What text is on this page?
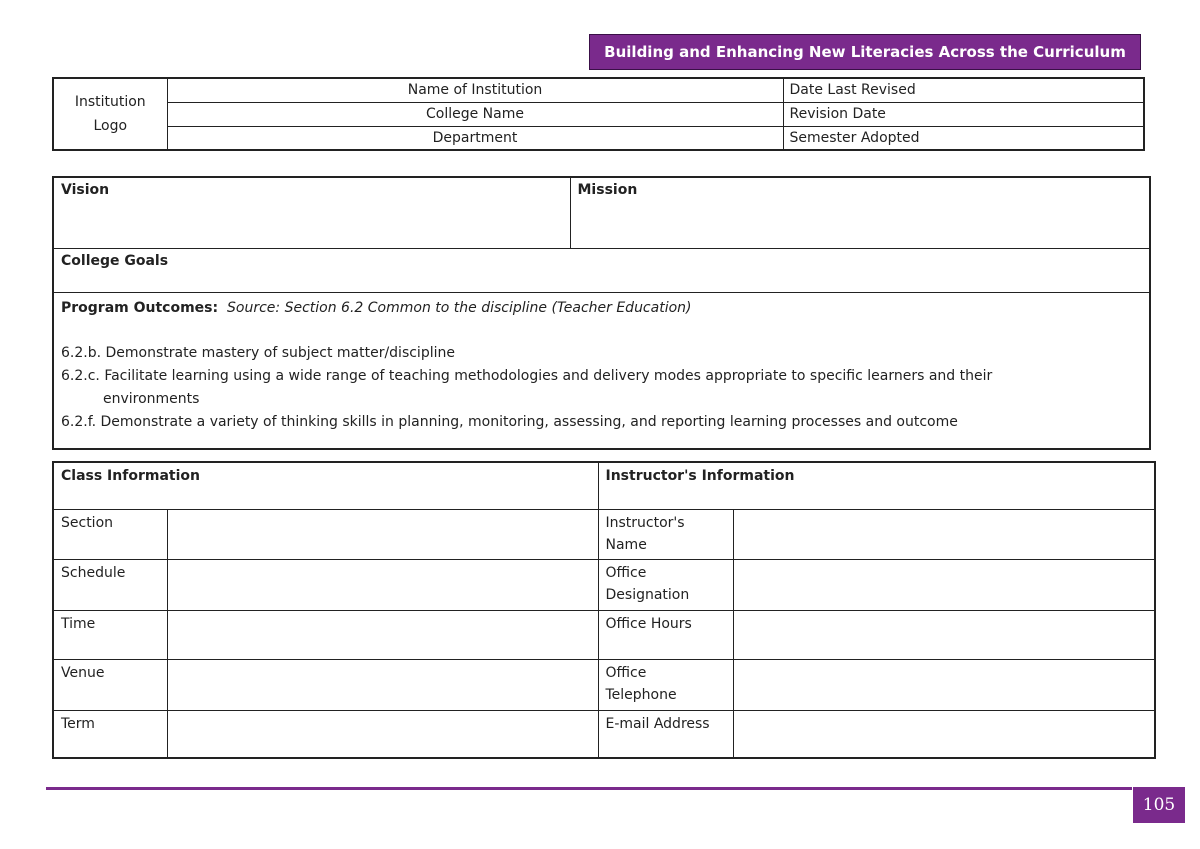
Building and Enhancing New Literacies Across the Curriculum
Institution
Logo	Name of Institution	Date Last Revised
	College Name	Revision Date
	Department	Semester Adopted
Vision	Mission
College Goals

Program Outcomes: Source: Section 6.2 Common to the discipline (Teacher Education)
6.2.b. Demonstrate mastery of subject matter/discipline
6.2.c. Facilitate learning using a wide range of teaching methodologies and delivery modes appropriate to specific learners and their
environments
6.2.f. Demonstrate a variety of thinking skills in planning, monitoring, assessing, and reporting learning processes and outcome
Class Information		Instructor's Information	
Section		Instructor's
Name	

Schedule		Office
Designation	

Time		Office Hours	

Venue		Office
Telephone	

Term		E-mail Address	

105
